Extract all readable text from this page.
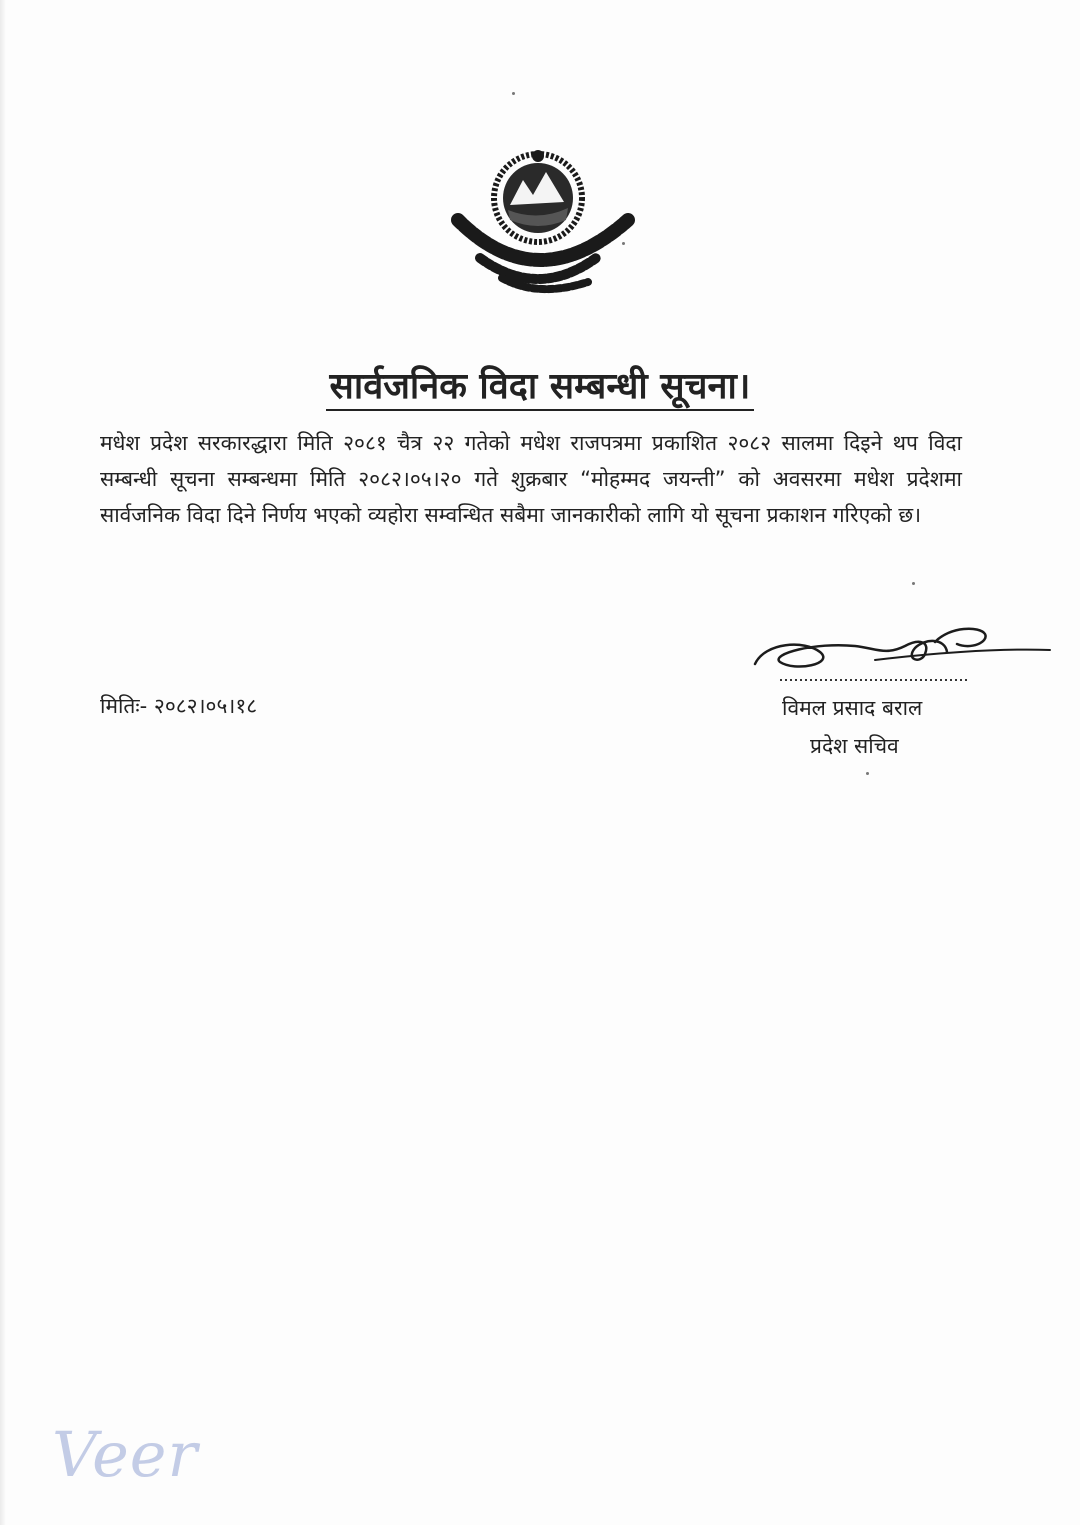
सार्वजनिक विदा सम्बन्धी सूचना।

मधेश प्रदेश सरकारद्धारा मिति २०८१ चैत्र २२ गतेको मधेश राजपत्रमा प्रकाशित २०८२ सालमा दिइने थप विदा सम्बन्धी सूचना सम्बन्धमा मिति २०८२।०५।२० गते शुक्रबार “मोहम्मद जयन्ती” को अवसरमा मधेश प्रदेशमा सार्वजनिक विदा दिने निर्णय भएको व्यहोरा सम्वन्धित सबैमा जानकारीको लागि यो सूचना प्रकाशन गरिएको छ।

मितिः- २०८२।०५।१८	विमल प्रसाद बराल
प्रदेश सचिव
Veer
